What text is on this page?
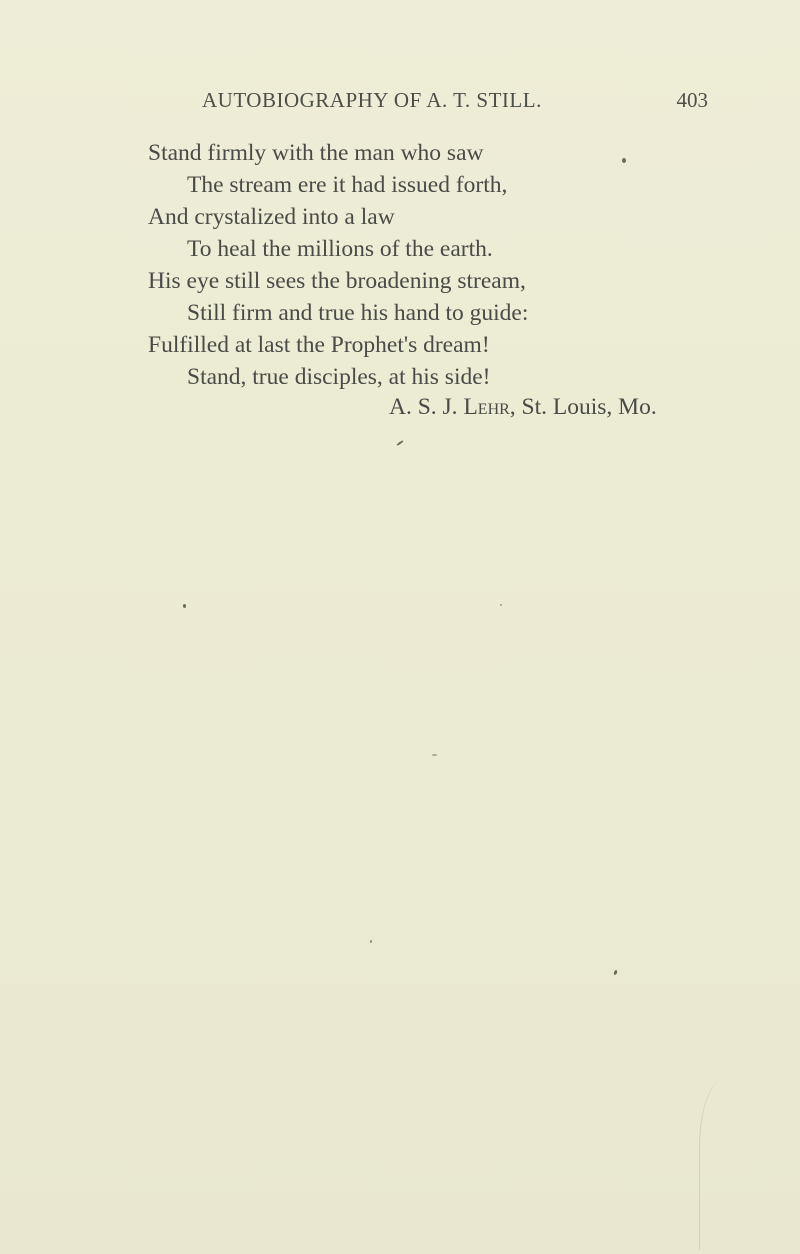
AUTOBIOGRAPHY OF A. T. STILL.	403
Stand firmly with the man who saw
The stream ere it had issued forth,
And crystalized into a law
To heal the millions of the earth.
His eye still sees the broadening stream,
Still firm and true his hand to guide:
Fulfilled at last the Prophet's dream!
Stand, true disciples, at his side!
A. S. J. Lehr, St. Louis, Mo.
